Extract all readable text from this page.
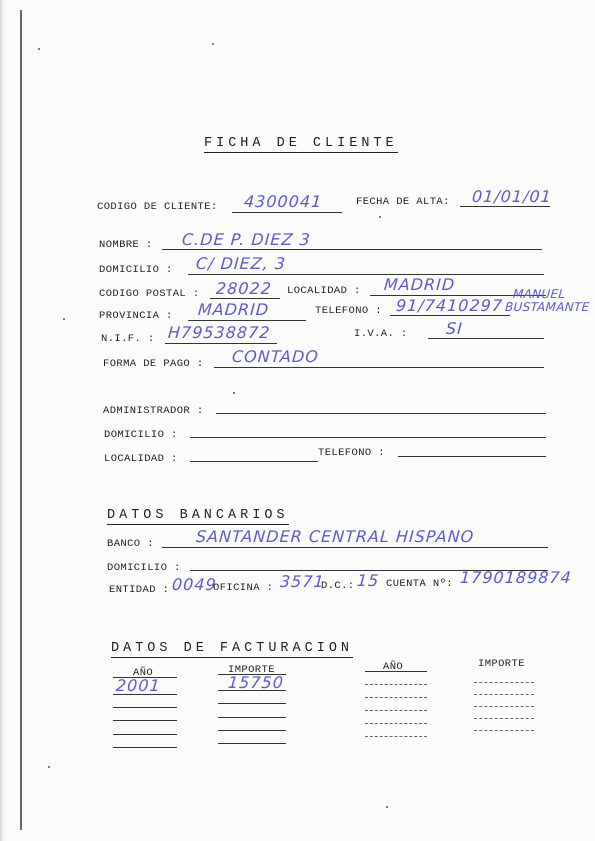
FICHA DE CLIENTE
CODIGO DE CLIENTE: 4300041	FECHA DE ALTA: 01/01/01
NOMBRE : C.DE P. DIEZ 3
DOMICILIO : C/ DIEZ, 3
CODIGO POSTAL : 28022 LOCALIDAD : MADRID
PROVINCIA : MADRID	TELEFONO : 91/7410297
MANUEL
BUSTAMANTE
N.I.F. : H79538872	I.V.A. : SI
FORMA DE PAGO : CONTADO
ADMINISTRADOR :
DOMICILIO :
LOCALIDAD :	TELEFONO :
DATOS BANCARIOS
BANCO :	SANTANDER CENTRAL HISPANO
DOMICILIO :
ENTIDAD : 0049
OFICINA : 3571
D.C.: 15 CUENTA Nº: 1790189874
DATOS DE FACTURACION
AÑO	IMPORTE	AÑO	IMPORTE
2001	15750
